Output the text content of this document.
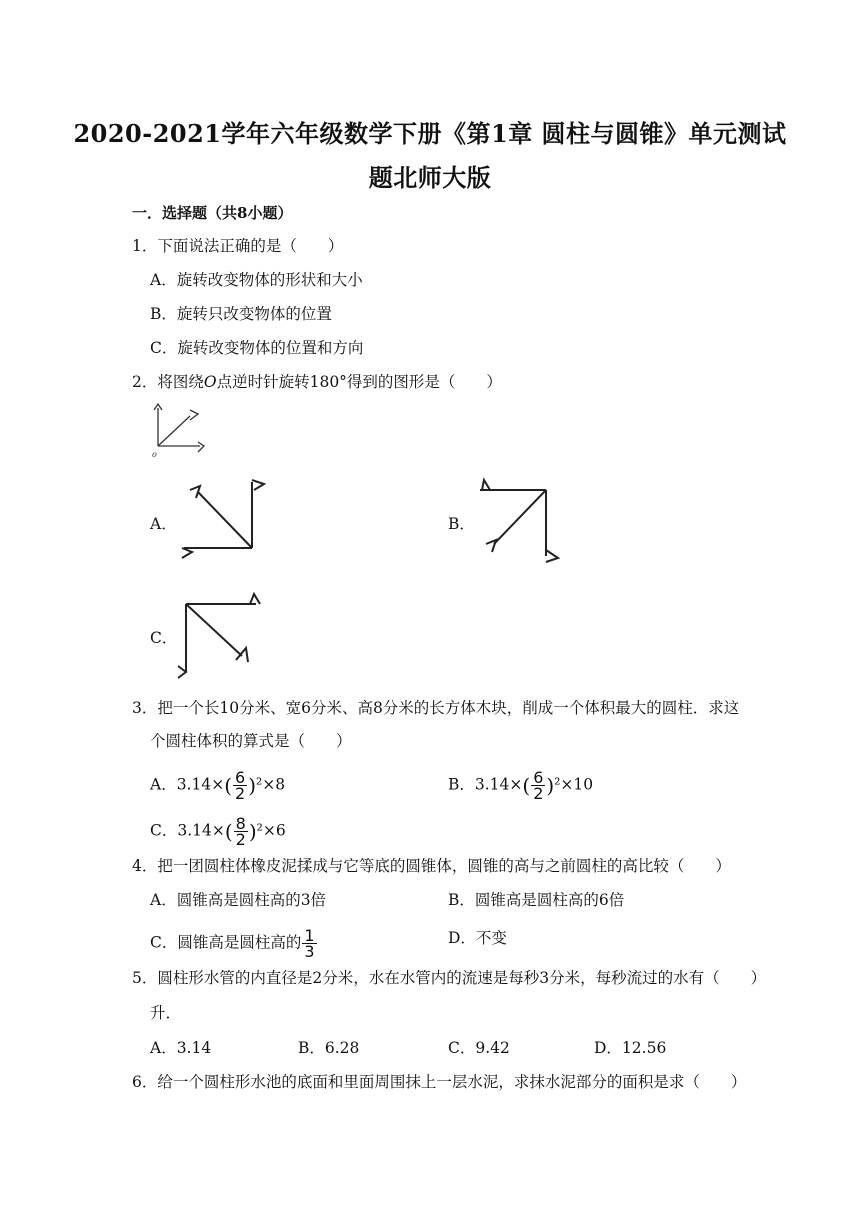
2020-2021学年六年级数学下册《第1章 圆柱与圆锥》单元测试
题北师大版
一．选择题（共8小题）
1．下面说法正确的是（　　）
A．旋转改变物体的形状和大小
B．旋转只改变物体的位置
C．旋转改变物体的位置和方向
2．将图绕O点逆时针旋转180°得到的图形是（　　）
o
A．	B．
C．
3．把一个长10分米、宽6分米、高8分米的长方体木块，削成一个体积最大的圆柱．求这
个圆柱体积的算式是（　　）
A．$3.14\times( \frac{6}{2} )^2\times 8$	B．$3.14\times( \frac{6}{2} )^2\times 10$
C．$3.14\times( \frac{8}{2} )^2\times 6$
4．把一团圆柱体橡皮泥揉成与它等底的圆锥体，圆锥的高与之前圆柱的高比较（　　）
A．圆锥高是圆柱高的3倍	B．圆锥高是圆柱高的6倍
C．圆锥高是圆柱高的 $\frac{1}{3}$	D．不变
5．圆柱形水管的内直径是2分米，水在水管内的流速是每秒3分米，每秒流过的水有（　　）
升．
A．3.14	B．6.28	C．9.42	D．12.56
6．给一个圆柱形水池的底面和里面周围抹上一层水泥，求抹水泥部分的面积是求（　　）
